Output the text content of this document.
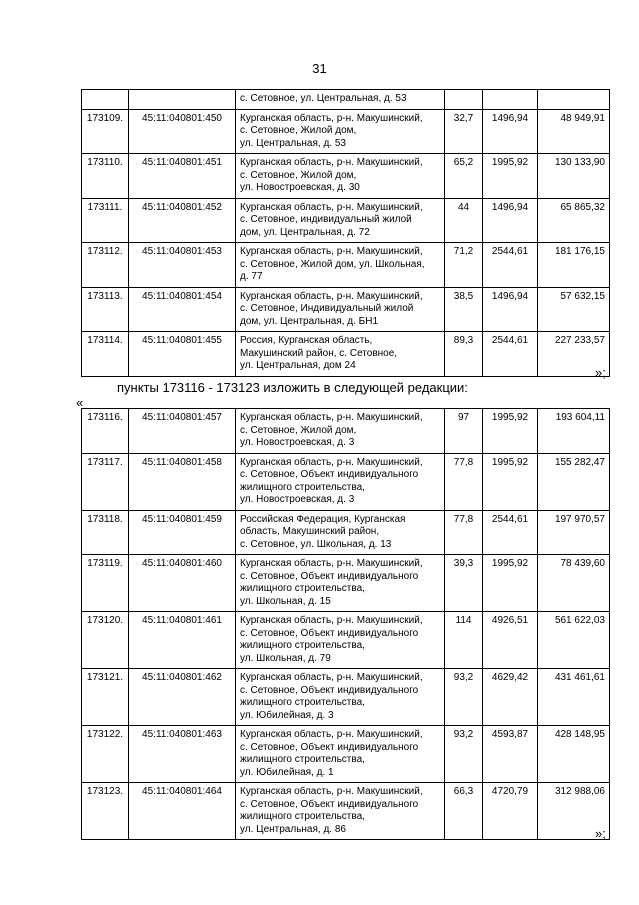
31

		с. Сетовное, ул. Центральная, д. 53			

173109.	45:11:040801:450	Курганская область, р-н. Макушинский,
с. Сетовное, Жилой дом,
ул. Центральная, д. 53	32,7	1496,94	48 949,91
173110.	45:11:040801:451	Курганская область, р-н. Макушинский,
с. Сетовное, Жилой дом,
ул. Новостроевская, д. 30	65,2	1995,92	130 133,90
173111.	45:11:040801:452	Курганская область, р-н. Макушинский,
с. Сетовное, индивидуальный жилой
дом, ул. Центральная, д. 72	44	1496,94	65 865,32
173112.	45:11:040801:453	Курганская область, р-н. Макушинский,
с. Сетовное, Жилой дом, ул. Школьная,
д. 77	71,2	2544,61	181 176,15
173113.	45:11:040801:454	Курганская область, р-н. Макушинский,
с. Сетовное, Индивидуальный жилой
дом, ул. Центральная, д. БН1	38,5	1496,94	57 632,15
173114.	45:11:040801:455	Россия, Курганская область,
Макушинский район, с. Сетовное,
ул. Центральная, дом 24	89,3	2544,61	227 233,57
»;
пункты 173116 - 173123 изложить в следующей редакции:
«
173116.	45:11:040801:457	Курганская область, р-н. Макушинский,
с. Сетовное, Жилой дом,
ул. Новостроевская, д. 3	97	1995,92	193 604,11
173117.	45:11:040801:458	Курганская область, р-н. Макушинский,
с. Сетовное, Объект индивидуального
жилищного строительства,
ул. Новостроевская, д. 3	77,8	1995,92	155 282,47
173118.	45:11:040801:459	Российская Федерация, Курганская
область, Макушинский район,
с. Сетовное, ул. Школьная, д. 13	77,8	2544,61	197 970,57
173119.	45:11:040801:460	Курганская область, р-н. Макушинский,
с. Сетовное, Объект индивидуального
жилищного строительства,
ул. Школьная, д. 15	39,3	1995,92	78 439,60
173120.	45:11:040801:461	Курганская область, р-н. Макушинский,
с. Сетовное, Объект индивидуального
жилищного строительства,
ул. Школьная, д. 79	114	4926,51	561 622,03
173121.	45:11:040801:462	Курганская область, р-н. Макушинский,
с. Сетовное, Объект индивидуального
жилищного строительства,
ул. Юбилейная, д. 3	93,2	4629,42	431 461,61
173122.	45:11:040801:463	Курганская область, р-н. Макушинский,
с. Сетовное, Объект индивидуального
жилищного строительства,
ул. Юбилейная, д. 1	93,2	4593,87	428 148,95
173123.	45:11:040801:464	Курганская область, р-н. Макушинский,
с. Сетовное, Объект индивидуального
жилищного строительства,
ул. Центральная, д. 86	66,3	4720,79	312 988,06
»;
